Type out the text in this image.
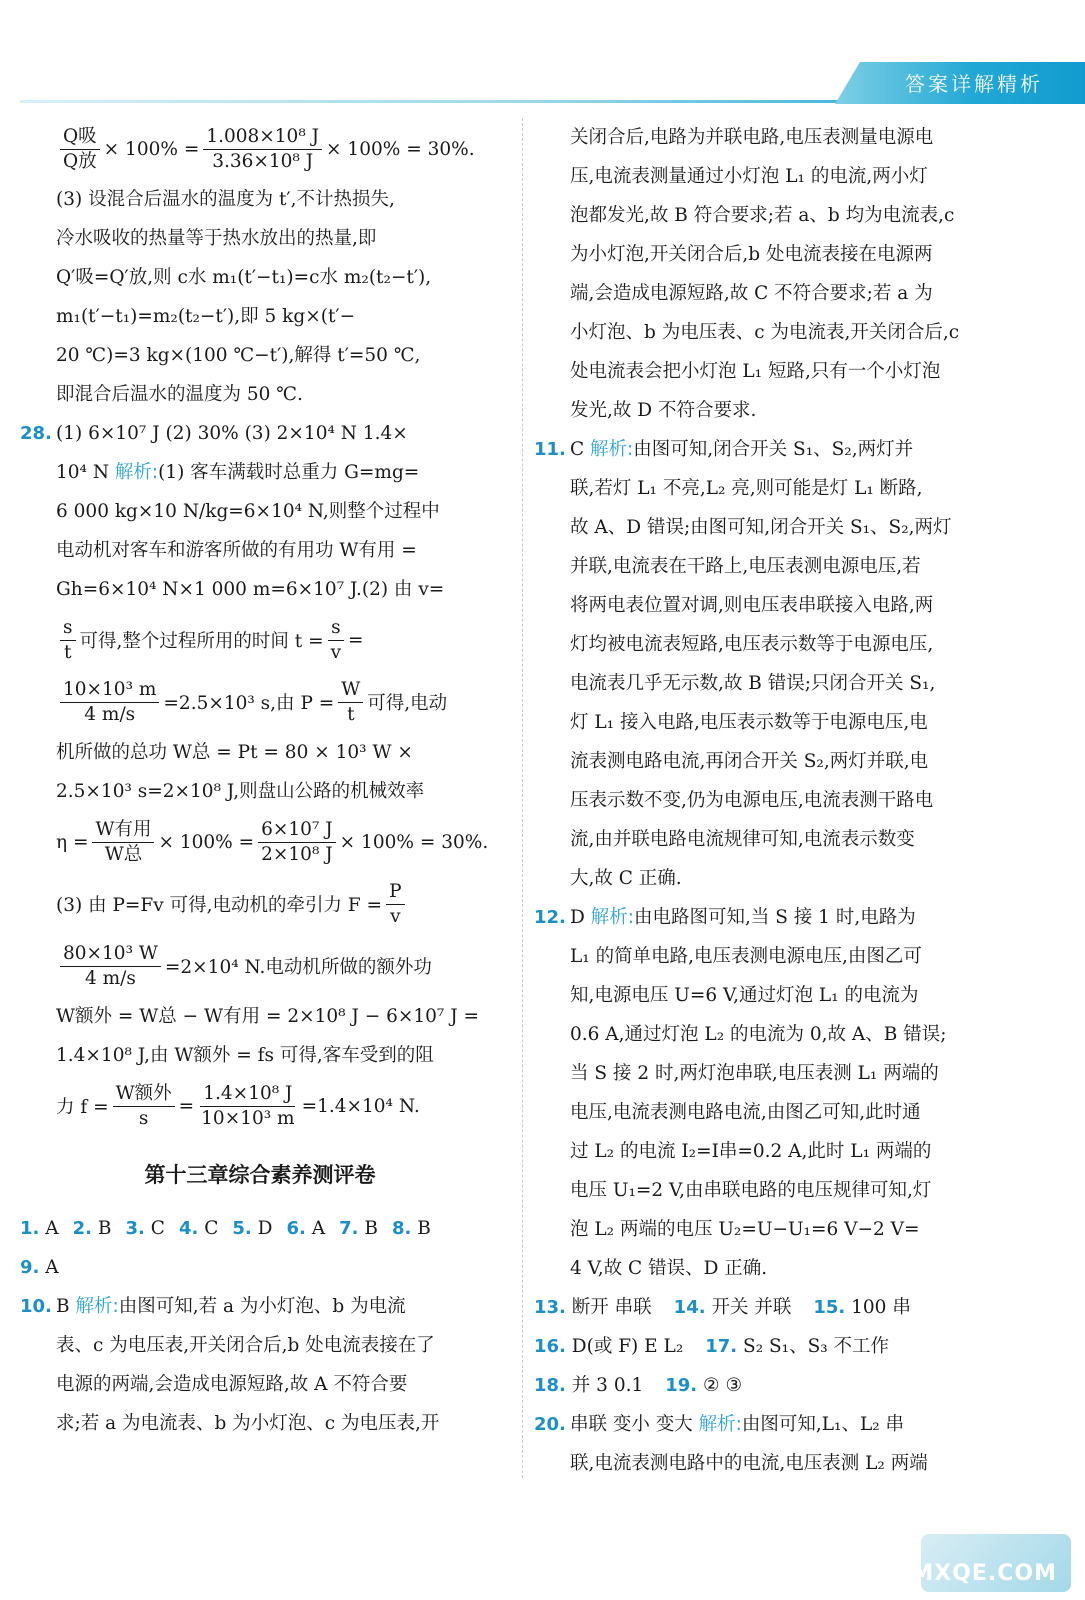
答案详解精析
$\frac{\text{Q吸}}{\text{Q放}} \times 100\% = \frac{\text{1.008×10⁸ J}}{\text{3.36×10⁸ J}} \times 100\% = 30\%$.
(3) 设混合后温水的温度为 t′,不计热损失,
冷水吸收的热量等于热水放出的热量,即
Q′吸=Q′放,则 c水 m₁(t′−t₁)=c水 m₂(t₂−t′),
m₁(t′−t₁)=m₂(t₂−t′),即 5 kg×(t′−
20 ℃)=3 kg×(100 ℃−t′),解得 t′=50 ℃,
即混合后温水的温度为 50 ℃.
28. (1) 6×10⁷ J (2) 30% (3) 2×10⁴ N 1.4×
10⁴ N 解析:(1) 客车满载时总重力 G=mg=
6 000 kg×10 N/kg=6×10⁴ N,则整个过程中
电动机对客车和游客所做的有用功 W有用 =
Gh=6×10⁴ N×1 000 m=6×10⁷ J.(2) 由 v=
$\frac{s}{t}$ 可得,整个过程所用的时间 $t = \frac{s}{v}$ =
$\frac{\text{10×10³ m}}{4 m/s} =2.5\times 10^3$ s,由 $P = \frac{W}{t}$ 可得,电动
机所做的总功 W总 = Pt = 80 × 10³ W ×
2.5×10³ s=2×10⁸ J,则盘山公路的机械效率
$\eta = \frac{\text{W有用}}{\text{W总}} \times 100\% = \frac{\text{6×10⁷ J}}{\text{2×10⁸ J}} \times 100\% = 30\%$.
(3) 由 P=Fv 可得,电动机的牵引力 $F = \frac{P}{v}$
$\frac{\text{80×10³ W}}{4 m/s} =2\times 10^4$ N.电动机所做的额外功
W额外 = W总 − W有用 = 2×10⁸ J − 6×10⁷ J =
1.4×10⁸ J,由 W额外 = fs 可得,客车受到的阻
力 $f = \frac{\text{W额外}}{s} = \frac{\text{1.4×10⁸ J}}{\text{10×10³ m}} =1.4\times 10^4$ N.
第十三章综合素养测评卷
1. A 2. B 3. C 4. C 5. D 6. A 7. B 8. B
9. A
10. B 解析:由图可知,若 a 为小灯泡、b 为电流
表、c 为电压表,开关闭合后,b 处电流表接在了
电源的两端,会造成电源短路,故 A 不符合要
求;若 a 为电流表、b 为小灯泡、c 为电压表,开
关闭合后,电路为并联电路,电压表测量电源电
压,电流表测量通过小灯泡 L₁ 的电流,两小灯
泡都发光,故 B 符合要求;若 a、b 均为电流表,c
为小灯泡,开关闭合后,b 处电流表接在电源两
端,会造成电源短路,故 C 不符合要求;若 a 为
小灯泡、b 为电压表、c 为电流表,开关闭合后,c
处电流表会把小灯泡 L₁ 短路,只有一个小灯泡
发光,故 D 不符合要求.
11. C 解析:由图可知,闭合开关 S₁、S₂,两灯并
联,若灯 L₁ 不亮,L₂ 亮,则可能是灯 L₁ 断路,
故 A、D 错误;由图可知,闭合开关 S₁、S₂,两灯
并联,电流表在干路上,电压表测电源电压,若
将两电表位置对调,则电压表串联接入电路,两
灯均被电流表短路,电压表示数等于电源电压,
电流表几乎无示数,故 B 错误;只闭合开关 S₁,
灯 L₁ 接入电路,电压表示数等于电源电压,电
流表测电路电流,再闭合开关 S₂,两灯并联,电
压表示数不变,仍为电源电压,电流表测干路电
流,由并联电路电流规律可知,电流表示数变
大,故 C 正确.
12. D 解析:由电路图可知,当 S 接 1 时,电路为
L₁ 的简单电路,电压表测电源电压,由图乙可
知,电源电压 U=6 V,通过灯泡 L₁ 的电流为
0.6 A,通过灯泡 L₂ 的电流为 0,故 A、B 错误;
当 S 接 2 时,两灯泡串联,电压表测 L₁ 两端的
电压,电流表测电路电流,由图乙可知,此时通
过 L₂ 的电流 I₂=I串=0.2 A,此时 L₁ 两端的
电压 U₁=2 V,由串联电路的电压规律可知,灯
泡 L₂ 两端的电压 U₂=U−U₁=6 V−2 V=
4 V,故 C 错误、D 正确.
13. 断开 串联 14. 开关 并联 15. 100 串
16. D(或 F) E L₂ 17. S₂ S₁、S₃ 不工作
18. 并 3 0.1 19. ② ③
20. 串联 变小 变大 解析:由图可知,L₁、L₂ 串
联,电流表测电路中的电流,电压表测 L₂ 两端
MXQE.COM
